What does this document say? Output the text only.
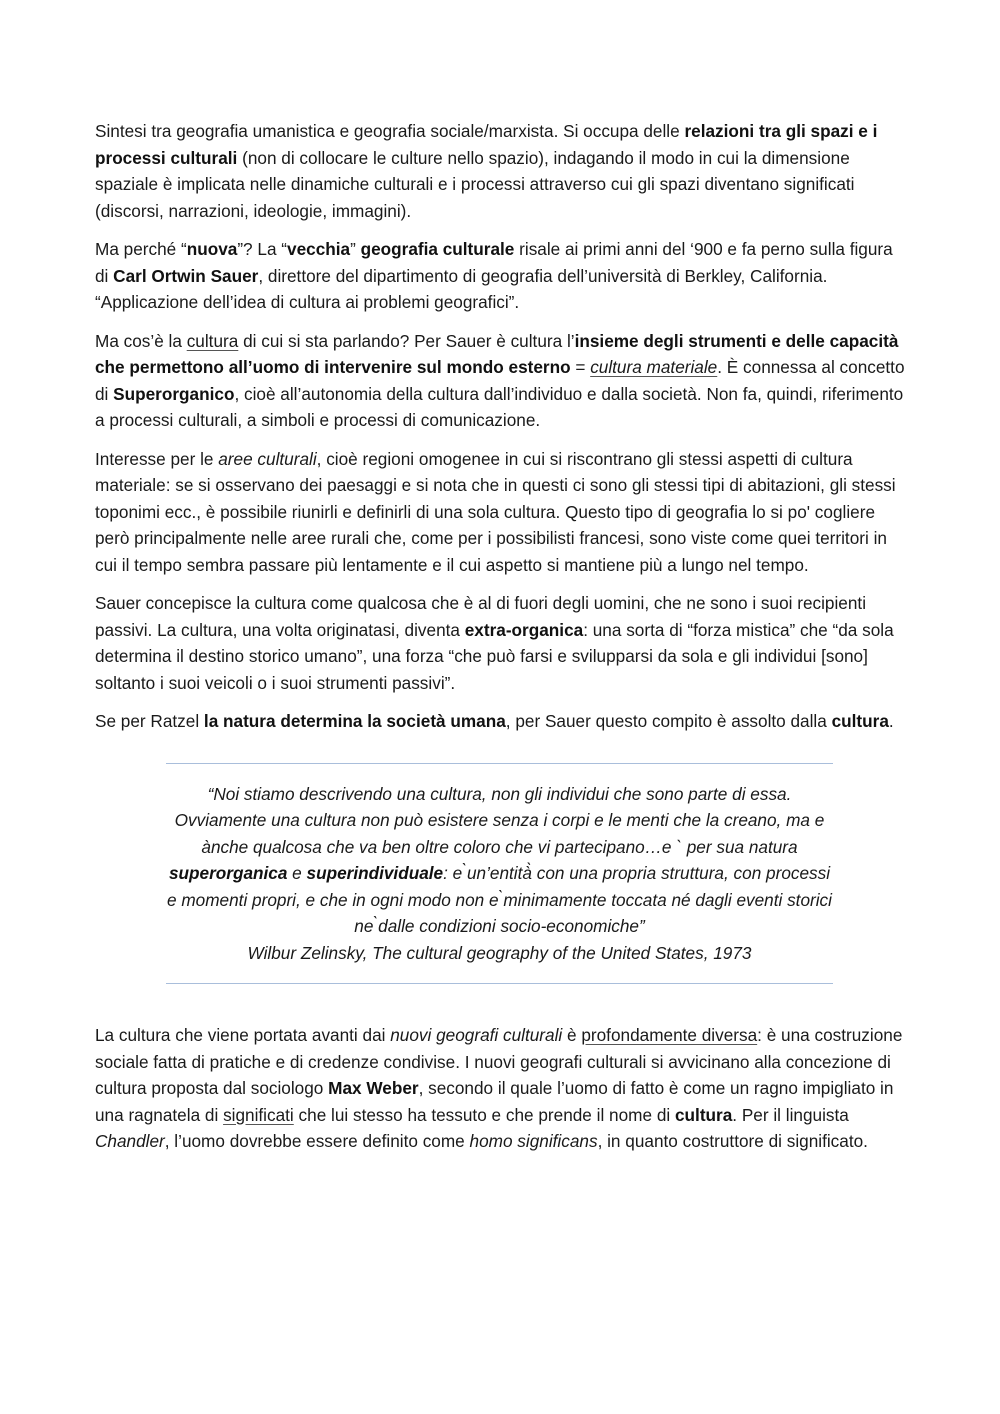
Sintesi tra geografia umanistica e geografia sociale/marxista. Si occupa delle relazioni tra gli spazi e i processi culturali (non di collocare le culture nello spazio), indagando il modo in cui la dimensione spaziale è implicata nelle dinamiche culturali e i processi attraverso cui gli spazi diventano significati (discorsi, narrazioni, ideologie, immagini).

Ma perché “nuova”? La “vecchia” geografia culturale risale ai primi anni del ‘900 e fa perno sulla figura di Carl Ortwin Sauer, direttore del dipartimento di geografia dell’università di Berkley, California. “Applicazione dell’idea di cultura ai problemi geografici”.

Ma cos’è la cultura di cui si sta parlando? Per Sauer è cultura l’insieme degli strumenti e delle capacità che permettono all’uomo di intervenire sul mondo esterno = cultura materiale. È connessa al concetto di Superorganico, cioè all’autonomia della cultura dall’individuo e dalla società. Non fa, quindi, riferimento a processi culturali, a simboli e processi di comunicazione.

Interesse per le aree culturali, cioè regioni omogenee in cui si riscontrano gli stessi aspetti di cultura materiale: se si osservano dei paesaggi e si nota che in questi ci sono gli stessi tipi di abitazioni, gli stessi toponimi ecc., è possibile riunirli e definirli di una sola cultura. Questo tipo di geografia lo si po' cogliere però principalmente nelle aree rurali che, come per i possibilisti francesi, sono viste come quei territori in cui il tempo sembra passare più lentamente e il cui aspetto si mantiene più a lungo nel tempo.

Sauer concepisce la cultura come qualcosa che è al di fuori degli uomini, che ne sono i suoi recipienti passivi. La cultura, una volta originatasi, diventa extra-organica: una sorta di “forza mistica” che “da sola determina il destino storico umano”, una forza “che può farsi e svilupparsi da sola e gli individui [sono] soltanto i suoi veicoli o i suoi strumenti passivi”.

Se per Ratzel la natura determina la società umana, per Sauer questo compito è assolto dalla cultura.

“Noi stiamo descrivendo una cultura, non gli individui che sono parte di essa. Ovviamente una cultura non può esistere senza i corpi e le menti che la creano, ma e ànche qualcosa che va ben oltre coloro che vi partecipano…e ` per sua natura superorganica e superindividuale: e ̀un’entità̀ con una propria struttura, con processi e momenti propri, e che in ogni modo non e ̀minimamente toccata né dagli eventi storici ne ̀dalle condizioni socio-economiche”

Wilbur Zelinsky, The cultural geography of the United States, 1973

La cultura che viene portata avanti dai nuovi geografi culturali è profondamente diversa: è una costruzione sociale fatta di pratiche e di credenze condivise. I nuovi geografi culturali si avvicinano alla concezione di cultura proposta dal sociologo Max Weber, secondo il quale l’uomo di fatto è come un ragno impigliato in una ragnatela di significati che lui stesso ha tessuto e che prende il nome di cultura. Per il linguista Chandler, l’uomo dovrebbe essere definito come homo significans, in quanto costruttore di significato.
